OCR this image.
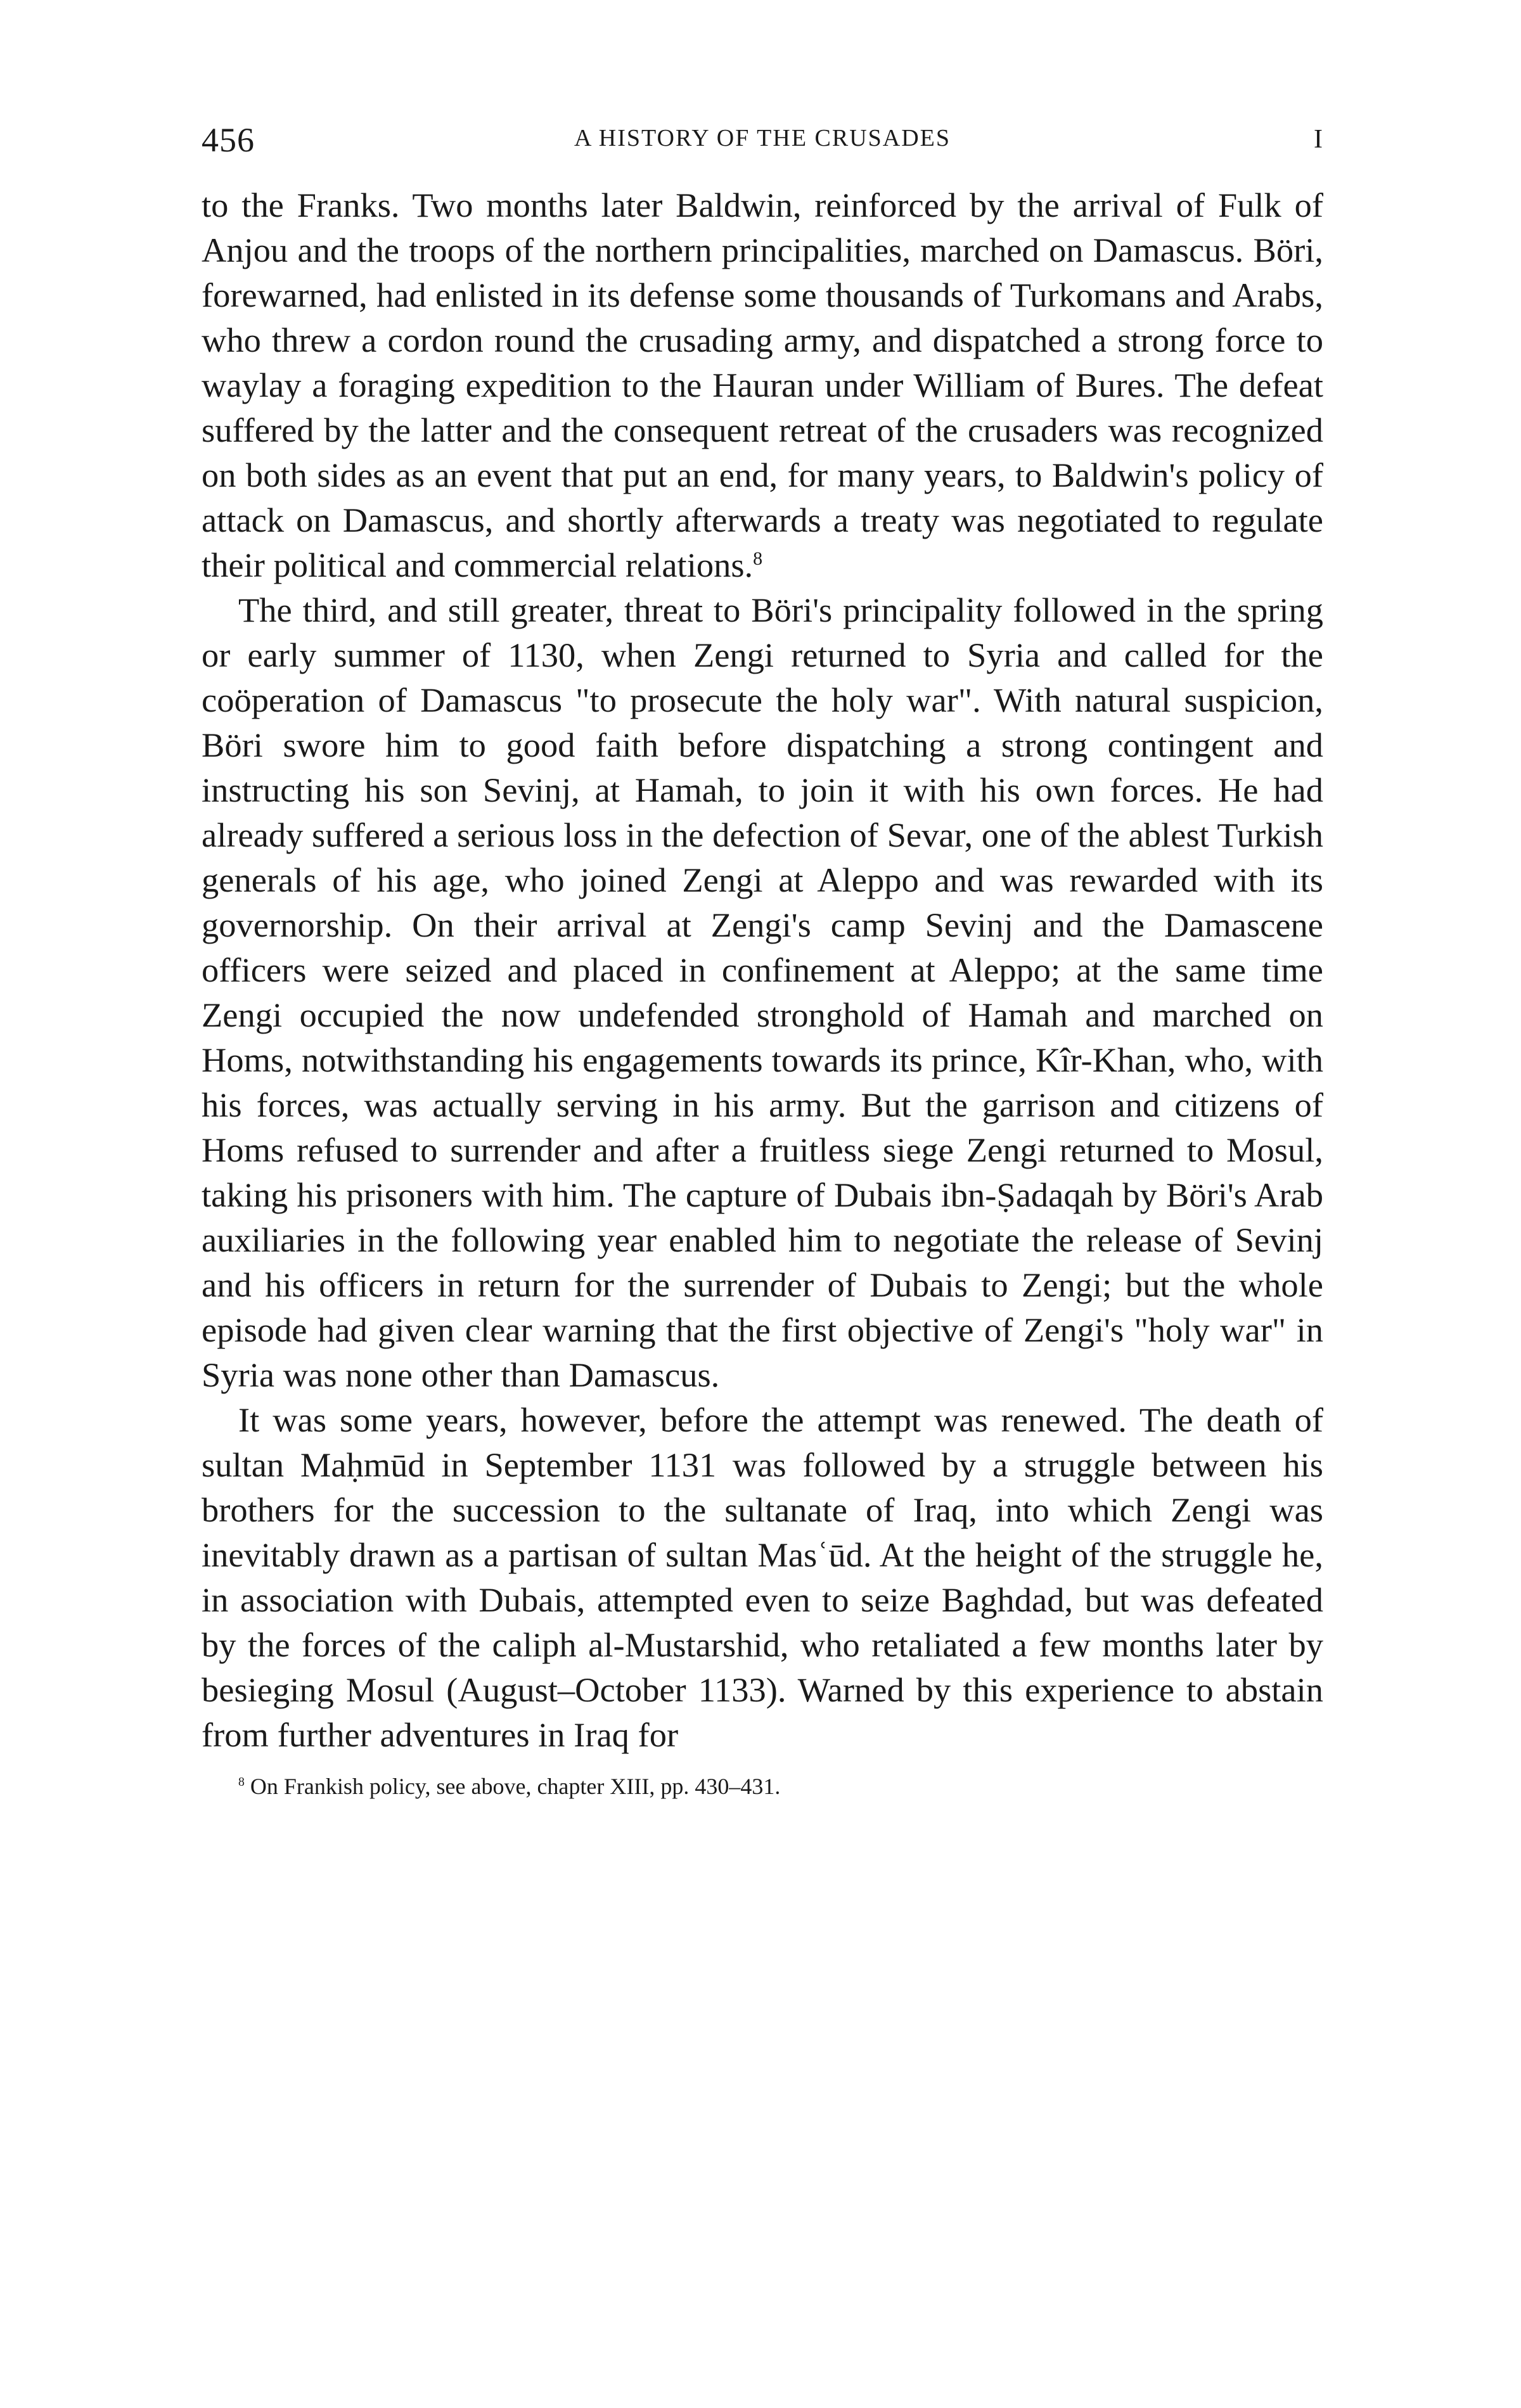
456	A HISTORY OF THE CRUSADES	I

to the Franks. Two months later Baldwin, reinforced by the arrival of Fulk of Anjou and the troops of the northern principalities, marched on Damascus. Böri, forewarned, had enlisted in its defense some thousands of Turkomans and Arabs, who threw a cordon round the crusading army, and dispatched a strong force to waylay a foraging expedition to the Hauran under William of Bures. The defeat suffered by the latter and the consequent retreat of the crusaders was recognized on both sides as an event that put an end, for many years, to Baldwin's policy of attack on Damascus, and shortly afterwards a treaty was negotiated to regulate their political and commercial relations.$^8$

The third, and still greater, threat to Böri's principality followed in the spring or early summer of 1130, when Zengi returned to Syria and called for the coöperation of Damascus "to prosecute the holy war". With natural suspicion, Böri swore him to good faith before dispatching a strong contingent and instructing his son Sevinj, at Hamah, to join it with his own forces. He had already suffered a serious loss in the defection of Sevar, one of the ablest Turkish generals of his age, who joined Zengi at Aleppo and was rewarded with its governorship. On their arrival at Zengi's camp Sevinj and the Damascene officers were seized and placed in confinement at Aleppo; at the same time Zengi occupied the now undefended stronghold of Hamah and marched on Homs, notwithstanding his engagements towards its prince, Kîr-Khan, who, with his forces, was actually serving in his army. But the garrison and citizens of Homs refused to surrender and after a fruitless siege Zengi returned to Mosul, taking his prisoners with him. The capture of Dubais ibn-Ṣadaqah by Böri's Arab auxiliaries in the following year enabled him to negotiate the release of Sevinj and his officers in return for the surrender of Dubais to Zengi; but the whole episode had given clear warning that the first objective of Zengi's "holy war" in Syria was none other than Damascus.

It was some years, however, before the attempt was renewed. The death of sultan Maḥmūd in September 1131 was followed by a struggle between his brothers for the succession to the sultanate of Iraq, into which Zengi was inevitably drawn as a partisan of sultan Masʿūd. At the height of the struggle he, in association with Dubais, attempted even to seize Baghdad, but was defeated by the forces of the caliph al-Mustarshid, who retaliated a few months later by besieging Mosul (August–October 1133). Warned by this experience to abstain from further adventures in Iraq for

$^8$ On Frankish policy, see above, chapter XIII, pp. 430–431.
